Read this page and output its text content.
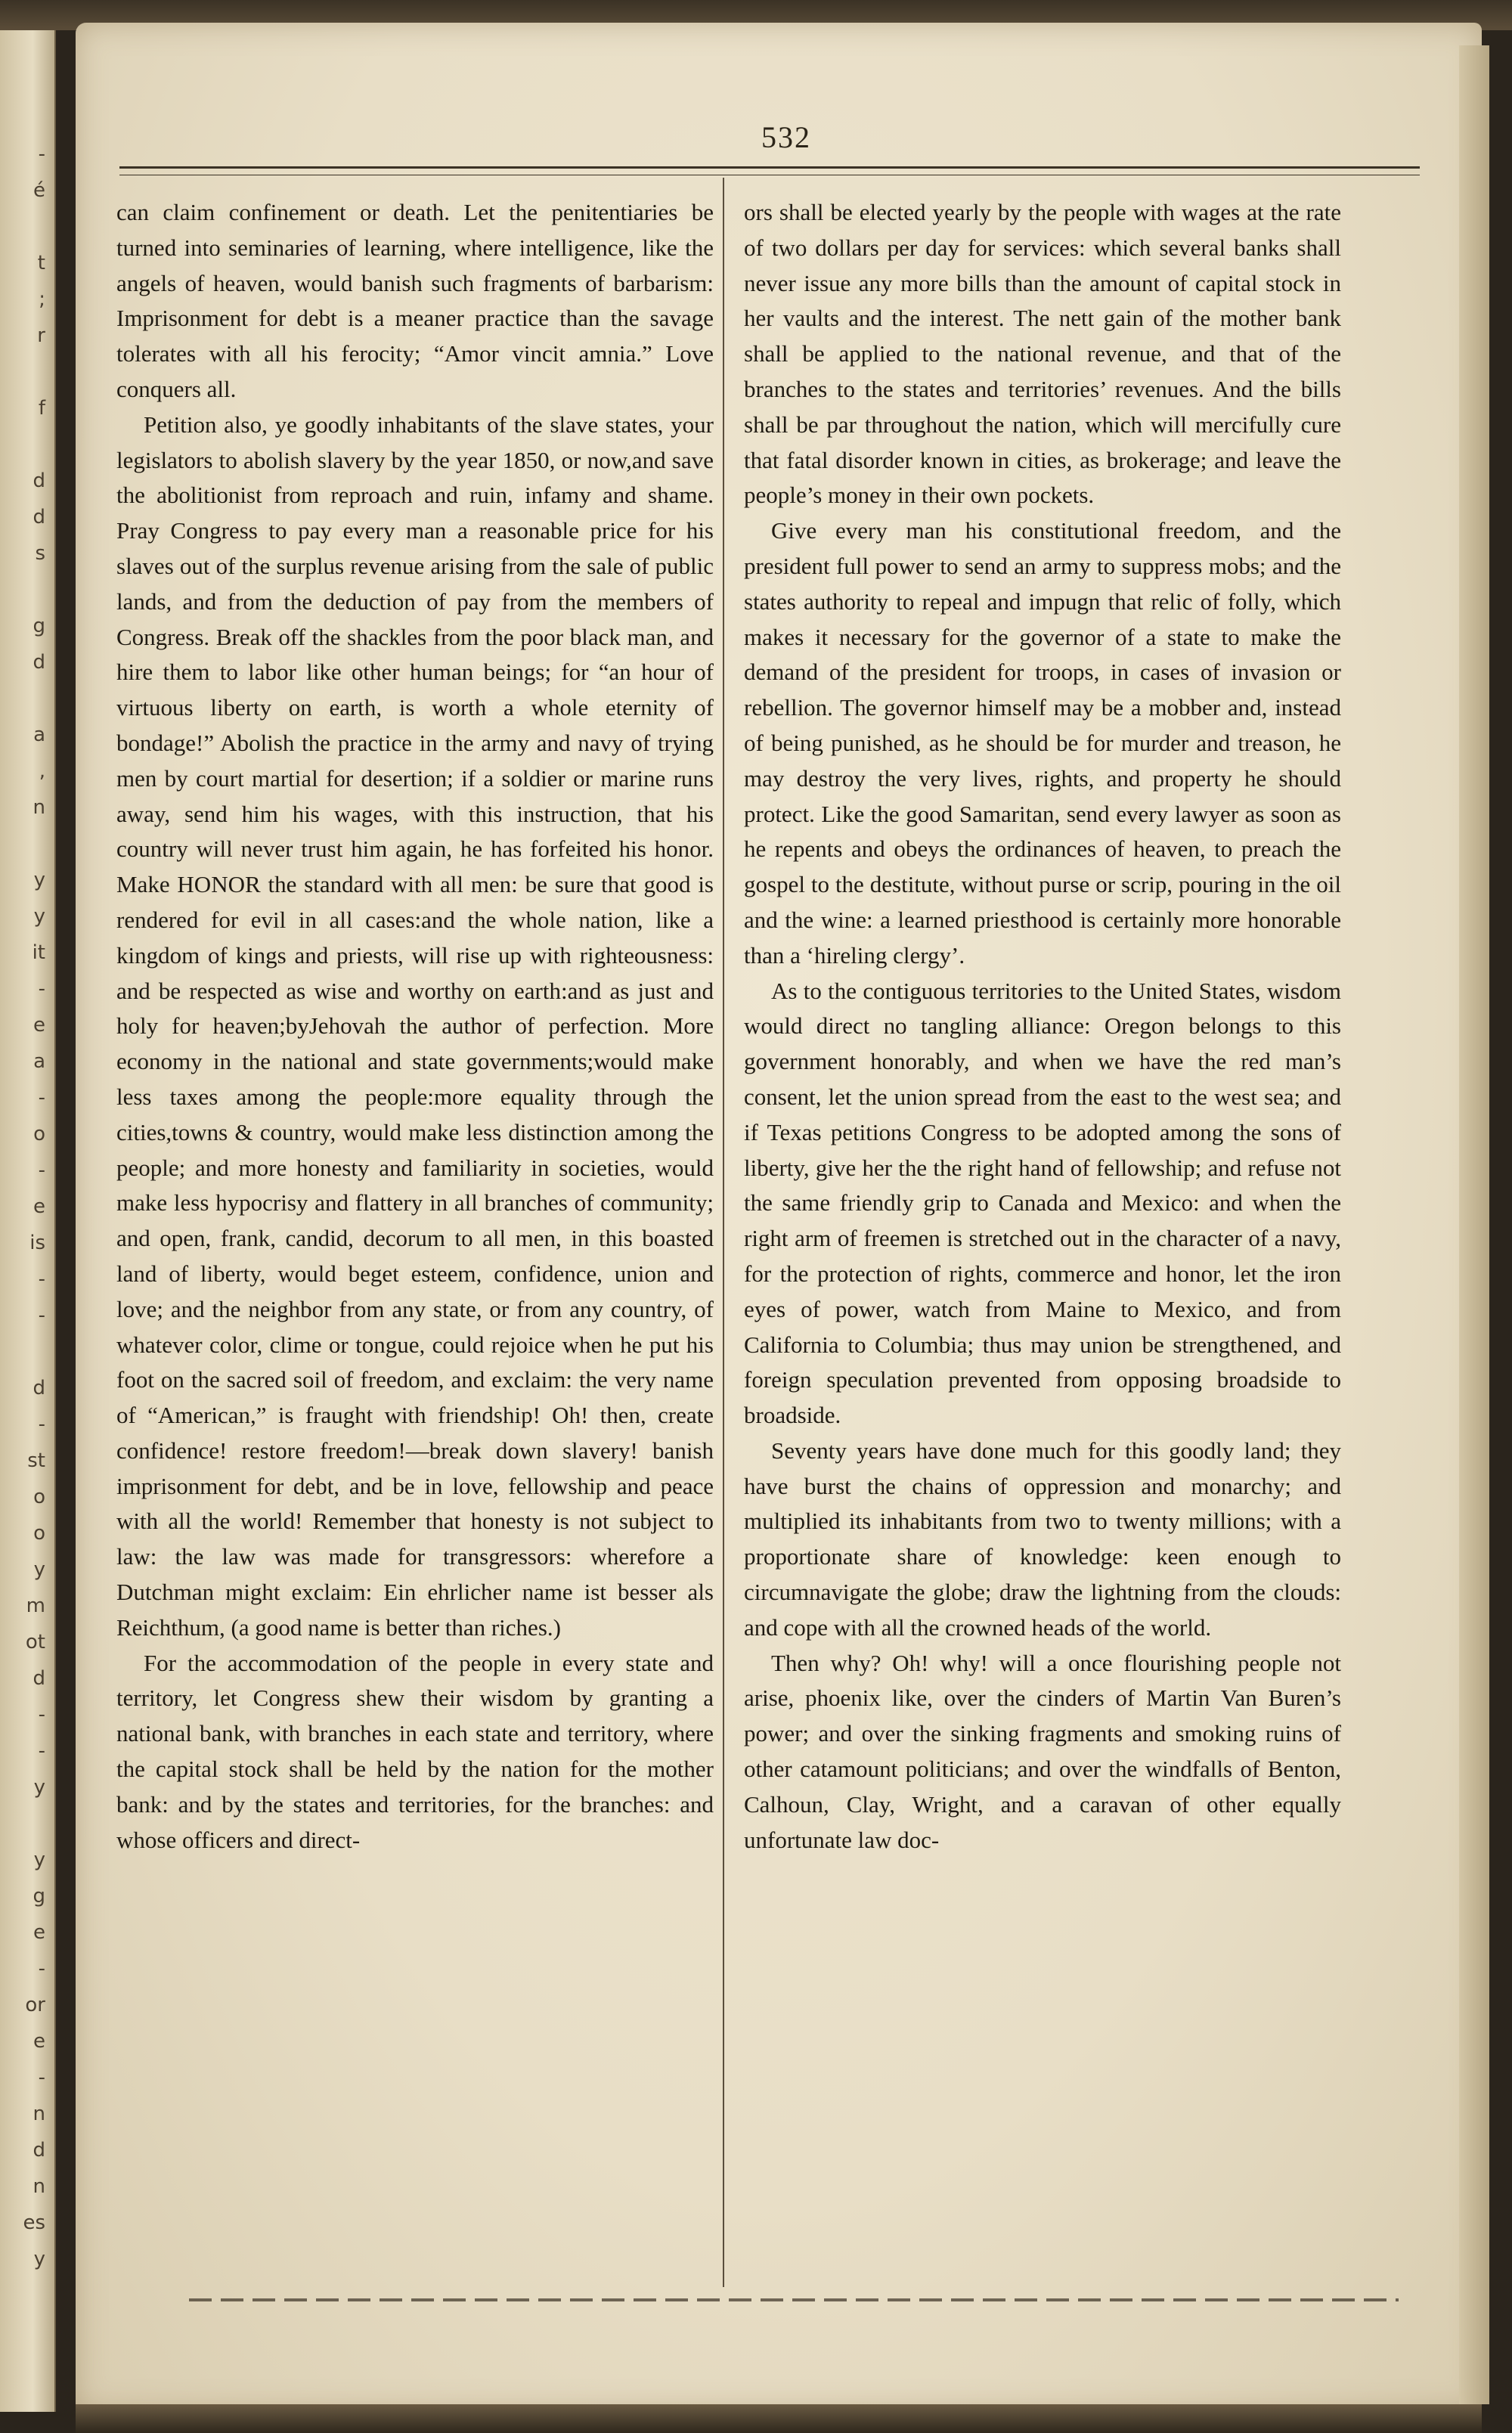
-
é

t
;
r

f

d
d
s

g
d

a
,
n

y
y
it
-
e
a
-
o
-
e
is
-
-

d
-
st
o
o
y
m
ot
d
-
-
y

y
g
e
-
or
e
-
n
d
n
es
y
532

can claim confinement or death. Let the penitentiaries be turned into seminaries of learning, where intelligence, like the angels of heaven, would banish such fragments of barbarism: Imprisonment for debt is a meaner practice than the savage tolerates with all his ferocity; “Amor vincit amnia.” Love conquers all.

Petition also, ye goodly inhabitants of the slave states, your legislators to abolish slavery by the year 1850, or now,and save the abolitionist from reproach and ruin, infamy and shame. Pray Congress to pay every man a reasonable price for his slaves out of the surplus revenue arising from the sale of public lands, and from the deduction of pay from the members of Congress. Break off the shackles from the poor black man, and hire them to labor like other human beings; for “an hour of virtuous liberty on earth, is worth a whole eternity of bondage!” Abolish the practice in the army and navy of trying men by court martial for desertion; if a soldier or marine runs away, send him his wages, with this instruction, that his country will never trust him again, he has forfeited his honor. Make HONOR the standard with all men: be sure that good is rendered for evil in all cases:and the whole nation, like a kingdom of kings and priests, will rise up with righteousness: and be respected as wise and worthy on earth:and as just and holy for heaven;byJehovah the author of perfection. More economy in the national and state governments;would make less taxes among the people:more equality through the cities,towns & country, would make less distinction among the people; and more honesty and familiarity in societies, would make less hypocrisy and flattery in all branches of community; and open, frank, candid, decorum to all men, in this boasted land of liberty, would beget esteem, confidence, union and love; and the neighbor from any state, or from any country, of whatever color, clime or tongue, could rejoice when he put his foot on the sacred soil of freedom, and exclaim: the very name of “American,” is fraught with friendship! Oh! then, create confidence! restore freedom!—break down slavery! banish imprisonment for debt, and be in love, fellowship and peace with all the world! Remember that honesty is not subject to law: the law was made for transgressors: wherefore a Dutchman might exclaim: Ein ehrlicher name ist besser als Reichthum, (a good name is better than riches.)

For the accommodation of the people in every state and territory, let Congress shew their wisdom by granting a national bank, with branches in each state and territory, where the capital stock shall be held by the nation for the mother bank: and by the states and territories, for the branches: and whose officers and direct-

ors shall be elected yearly by the people with wages at the rate of two dollars per day for services: which several banks shall never issue any more bills than the amount of capital stock in her vaults and the interest. The nett gain of the mother bank shall be applied to the national revenue, and that of the branches to the states and territories’ revenues. And the bills shall be par throughout the nation, which will mercifully cure that fatal disorder known in cities, as brokerage; and leave the people’s money in their own pockets.

Give every man his constitutional freedom, and the president full power to send an army to suppress mobs; and the states authority to repeal and impugn that relic of folly, which makes it necessary for the governor of a state to make the demand of the president for troops, in cases of invasion or rebellion. The governor himself may be a mobber and, instead of being punished, as he should be for murder and treason, he may destroy the very lives, rights, and property he should protect. Like the good Samaritan, send every lawyer as soon as he repents and obeys the ordinances of heaven, to preach the gospel to the destitute, without purse or scrip, pouring in the oil and the wine: a learned priesthood is certainly more honorable than a ‘hireling clergy’.

As to the contiguous territories to the United States, wisdom would direct no tangling alliance: Oregon belongs to this government honorably, and when we have the red man’s consent, let the union spread from the east to the west sea; and if Texas petitions Congress to be adopted among the sons of liberty, give her the the right hand of fellowship; and refuse not the same friendly grip to Canada and Mexico: and when the right arm of freemen is stretched out in the character of a navy, for the protection of rights, commerce and honor, let the iron eyes of power, watch from Maine to Mexico, and from California to Columbia; thus may union be strengthened, and foreign speculation prevented from opposing broadside to broadside.

Seventy years have done much for this goodly land; they have burst the chains of oppression and monarchy; and multiplied its inhabitants from two to twenty millions; with a proportionate share of knowledge: keen enough to circumnavigate the globe; draw the lightning from the clouds: and cope with all the crowned heads of the world.

Then why? Oh! why! will a once flourishing people not arise, phoenix like, over the cinders of Martin Van Buren’s power; and over the sinking fragments and smoking ruins of other catamount politicians; and over the windfalls of Benton, Calhoun, Clay, Wright, and a caravan of other equally unfortunate law doc-
